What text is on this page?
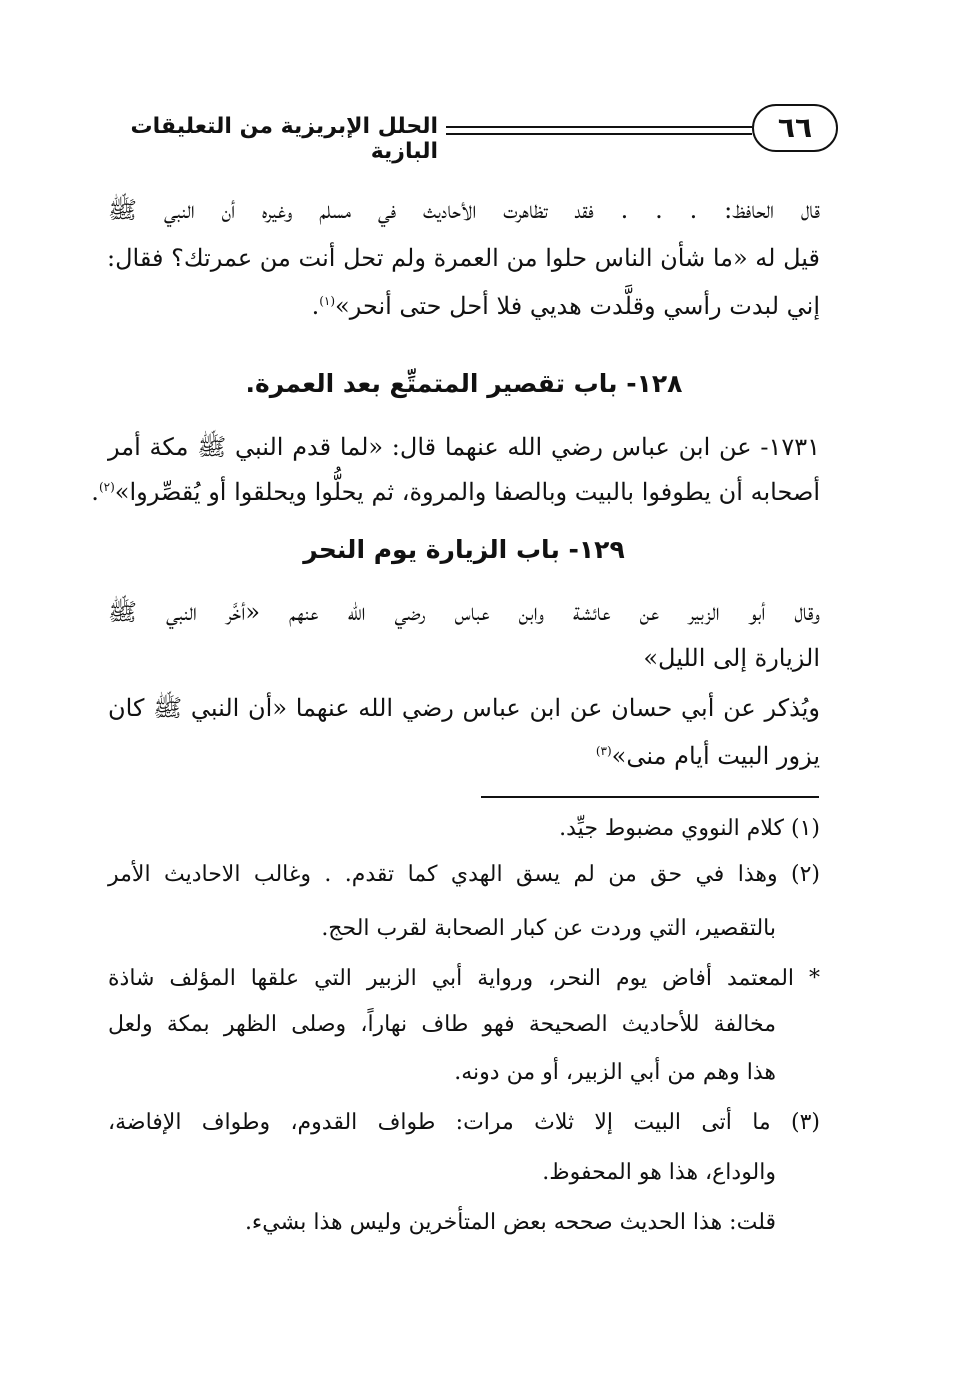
الحلل الإبريزية من التعليقات البازية
٦٦
قال الحافظ: . . . فقد تظاهرت الأحاديث في مسلم وغيره أن النبي ﷺ
قيل له «ما شأن الناس حلوا من العمرة ولم تحل أنت من عمرتك؟ فقال:
إني لبدت رأسي وقلَّدت هديي فلا أحل حتى أنحر»$^{(١)}$.
١٢٨- باب تقصير المتمتِّع بعد العمرة.
١٧٣١- عن ابن عباس رضي الله عنهما قال: «لما قدم النبي ﷺ مكة أمر
أصحابه أن يطوفوا بالبيت وبالصفا والمروة، ثم يحلُّوا ويحلقوا أو يُقصِّروا»$^{(٢)}$.
١٢٩- باب الزيارة يوم النحر
وقال أبو الزبير عن عائشة وابن عباس رضي الله عنهم «أخَّر النبي ﷺ
الزيارة إلى الليل»
ويُذكر عن أبي حسان عن ابن عباس رضي الله عنهما «أن النبي ﷺ كان
يزور البيت أيام منى»$^{(٣)}$
(١) كلام النووي مضبوط جيِّد.
(٢) وهذا في حق من لم يسق الهدي كما تقدم. . وغالب الاحاديث الأمر
بالتقصير، التي وردت عن كبار الصحابة لقرب الحج.
* المعتمد أفاض يوم النحر، ورواية أبي الزبير التي علقها المؤلف شاذة
مخالفة للأحاديث الصحيحة فهو طاف نهاراً، وصلى الظهر بمكة ولعل
هذا وهم من أبي الزبير، أو من دونه.
(٣) ما أتى البيت إلا ثلاث مرات: طواف القدوم، وطواف الإفاضة،
والوداع، هذا هو المحفوظ.
قلت: هذا الحديث صححه بعض المتأخرين وليس هذا بشيء.
